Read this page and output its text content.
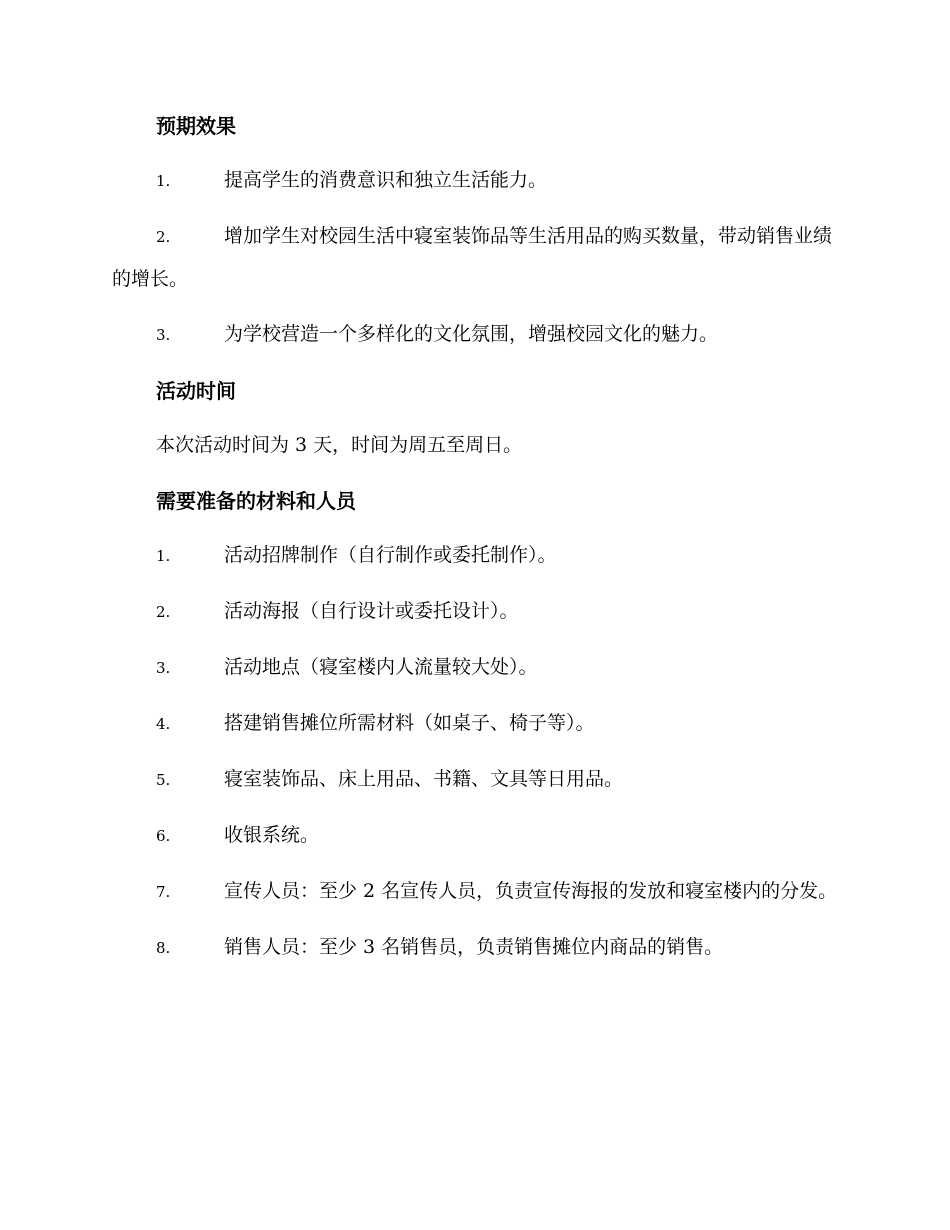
预期效果

1.	提高学生的消费意识和独立生活能力。

2.	增加学生对校园生活中寝室装饰品等生活用品的购买数量，带动销售业绩的增长。

3.	为学校营造一个多样化的文化氛围，增强校园文化的魅力。

活动时间

本次活动时间为 3 天，时间为周五至周日。

需要准备的材料和人员

1.	活动招牌制作（自行制作或委托制作）。

2.	活动海报（自行设计或委托设计）。

3.	活动地点（寝室楼内人流量较大处）。

4.	搭建销售摊位所需材料（如桌子、椅子等）。

5.	寝室装饰品、床上用品、书籍、文具等日用品。

6.	收银系统。

7.	宣传人员：至少 2 名宣传人员，负责宣传海报的发放和寝室楼内的分发。

8.	销售人员：至少 3 名销售员，负责销售摊位内商品的销售。
